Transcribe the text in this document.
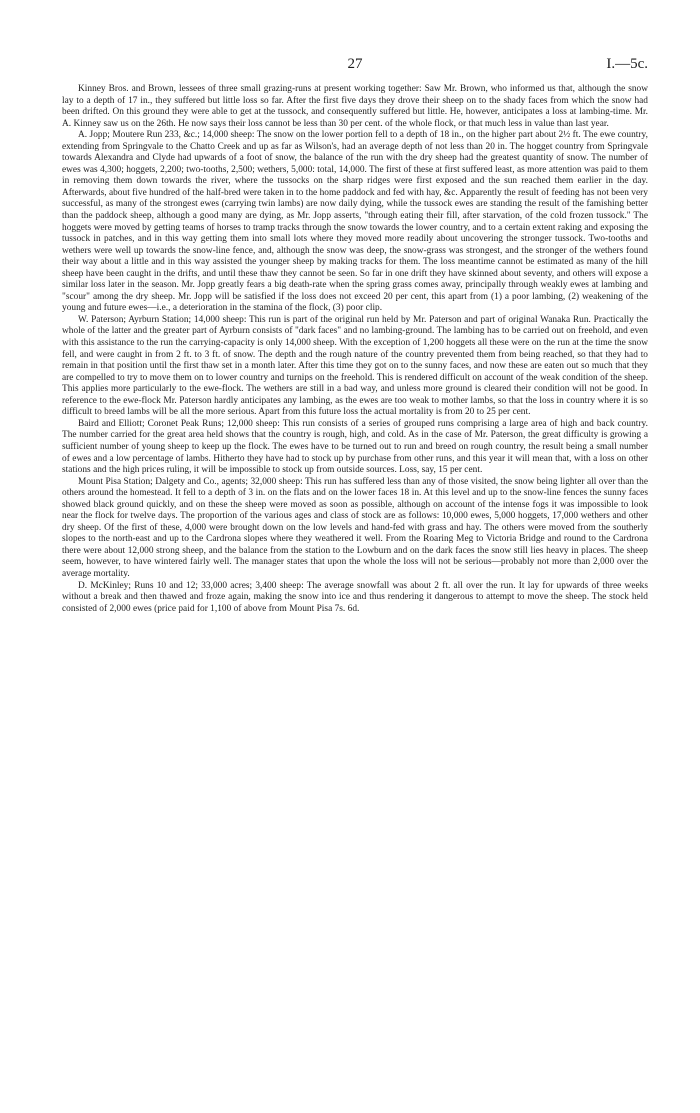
27	I.—5c.

Kinney Bros. and Brown, lessees of three small grazing-runs at present working together: Saw Mr. Brown, who informed us that, although the snow lay to a depth of 17 in., they suffered but little loss so far. After the first five days they drove their sheep on to the shady faces from which the snow had been drifted. On this ground they were able to get at the tussock, and consequently suffered but little. He, however, anticipates a loss at lambing-time. Mr. A. Kinney saw us on the 26th. He now says their loss cannot be less than 30 per cent. of the whole flock, or that much less in value than last year.

A. Jopp; Moutere Run 233, &c.; 14,000 sheep: The snow on the lower portion fell to a depth of 18 in., on the higher part about 2½ ft. The ewe country, extending from Springvale to the Chatto Creek and up as far as Wilson's, had an average depth of not less than 20 in. The hogget country from Springvale towards Alexandra and Clyde had upwards of a foot of snow, the balance of the run with the dry sheep had the greatest quantity of snow. The number of ewes was 4,300; hoggets, 2,200; two-tooths, 2,500; wethers, 5,000: total, 14,000. The first of these at first suffered least, as more attention was paid to them in removing them down towards the river, where the tussocks on the sharp ridges were first exposed and the sun reached them earlier in the day. Afterwards, about five hundred of the half-bred were taken in to the home paddock and fed with hay, &c. Apparently the result of feeding has not been very successful, as many of the strongest ewes (carrying twin lambs) are now daily dying, while the tussock ewes are standing the result of the famishing better than the paddock sheep, although a good many are dying, as Mr. Jopp asserts, "through eating their fill, after starvation, of the cold frozen tussock." The hoggets were moved by getting teams of horses to tramp tracks through the snow towards the lower country, and to a certain extent raking and exposing the tussock in patches, and in this way getting them into small lots where they moved more readily about uncovering the stronger tussock. Two-tooths and wethers were well up towards the snow-line fence, and, although the snow was deep, the snow-grass was strongest, and the stronger of the wethers found their way about a little and in this way assisted the younger sheep by making tracks for them. The loss meantime cannot be estimated as many of the hill sheep have been caught in the drifts, and until these thaw they cannot be seen. So far in one drift they have skinned about seventy, and others will expose a similar loss later in the season. Mr. Jopp greatly fears a big death-rate when the spring grass comes away, principally through weakly ewes at lambing and "scour" among the dry sheep. Mr. Jopp will be satisfied if the loss does not exceed 20 per cent, this apart from (1) a poor lambing, (2) weakening of the young and future ewes—i.e., a deterioration in the stamina of the flock, (3) poor clip.

W. Paterson; Ayrburn Station; 14,000 sheep: This run is part of the original run held by Mr. Paterson and part of original Wanaka Run. Practically the whole of the latter and the greater part of Ayrburn consists of "dark faces" and no lambing-ground. The lambing has to be carried out on freehold, and even with this assistance to the run the carrying-capacity is only 14,000 sheep. With the exception of 1,200 hoggets all these were on the run at the time the snow fell, and were caught in from 2 ft. to 3 ft. of snow. The depth and the rough nature of the country prevented them from being reached, so that they had to remain in that position until the first thaw set in a month later. After this time they got on to the sunny faces, and now these are eaten out so much that they are compelled to try to move them on to lower country and turnips on the freehold. This is rendered difficult on account of the weak condition of the sheep. This applies more particularly to the ewe-flock. The wethers are still in a bad way, and unless more ground is cleared their condition will not be good. In reference to the ewe-flock Mr. Paterson hardly anticipates any lambing, as the ewes are too weak to mother lambs, so that the loss in country where it is so difficult to breed lambs will be all the more serious. Apart from this future loss the actual mortality is from 20 to 25 per cent.

Baird and Elliott; Coronet Peak Runs; 12,000 sheep: This run consists of a series of grouped runs comprising a large area of high and back country. The number carried for the great area held shows that the country is rough, high, and cold. As in the case of Mr. Paterson, the great difficulty is growing a sufficient number of young sheep to keep up the flock. The ewes have to be turned out to run and breed on rough country, the result being a small number of ewes and a low percentage of lambs. Hitherto they have had to stock up by purchase from other runs, and this year it will mean that, with a loss on other stations and the high prices ruling, it will be impossible to stock up from outside sources. Loss, say, 15 per cent.

Mount Pisa Station; Dalgety and Co., agents; 32,000 sheep: This run has suffered less than any of those visited, the snow being lighter all over than the others around the homestead. It fell to a depth of 3 in. on the flats and on the lower faces 18 in. At this level and up to the snow-line fences the sunny faces showed black ground quickly, and on these the sheep were moved as soon as possible, although on account of the intense fogs it was impossible to look near the flock for twelve days. The proportion of the various ages and class of stock are as follows: 10,000 ewes, 5,000 hoggets, 17,000 wethers and other dry sheep. Of the first of these, 4,000 were brought down on the low levels and hand-fed with grass and hay. The others were moved from the southerly slopes to the north-east and up to the Cardrona slopes where they weathered it well. From the Roaring Meg to Victoria Bridge and round to the Cardrona there were about 12,000 strong sheep, and the balance from the station to the Lowburn and on the dark faces the snow still lies heavy in places. The sheep seem, however, to have wintered fairly well. The manager states that upon the whole the loss will not be serious—probably not more than 2,000 over the average mortality.

D. McKinley; Runs 10 and 12; 33,000 acres; 3,400 sheep: The average snowfall was about 2 ft. all over the run. It lay for upwards of three weeks without a break and then thawed and froze again, making the snow into ice and thus rendering it dangerous to attempt to move the sheep. The stock held consisted of 2,000 ewes (price paid for 1,100 of above from Mount Pisa 7s. 6d.
